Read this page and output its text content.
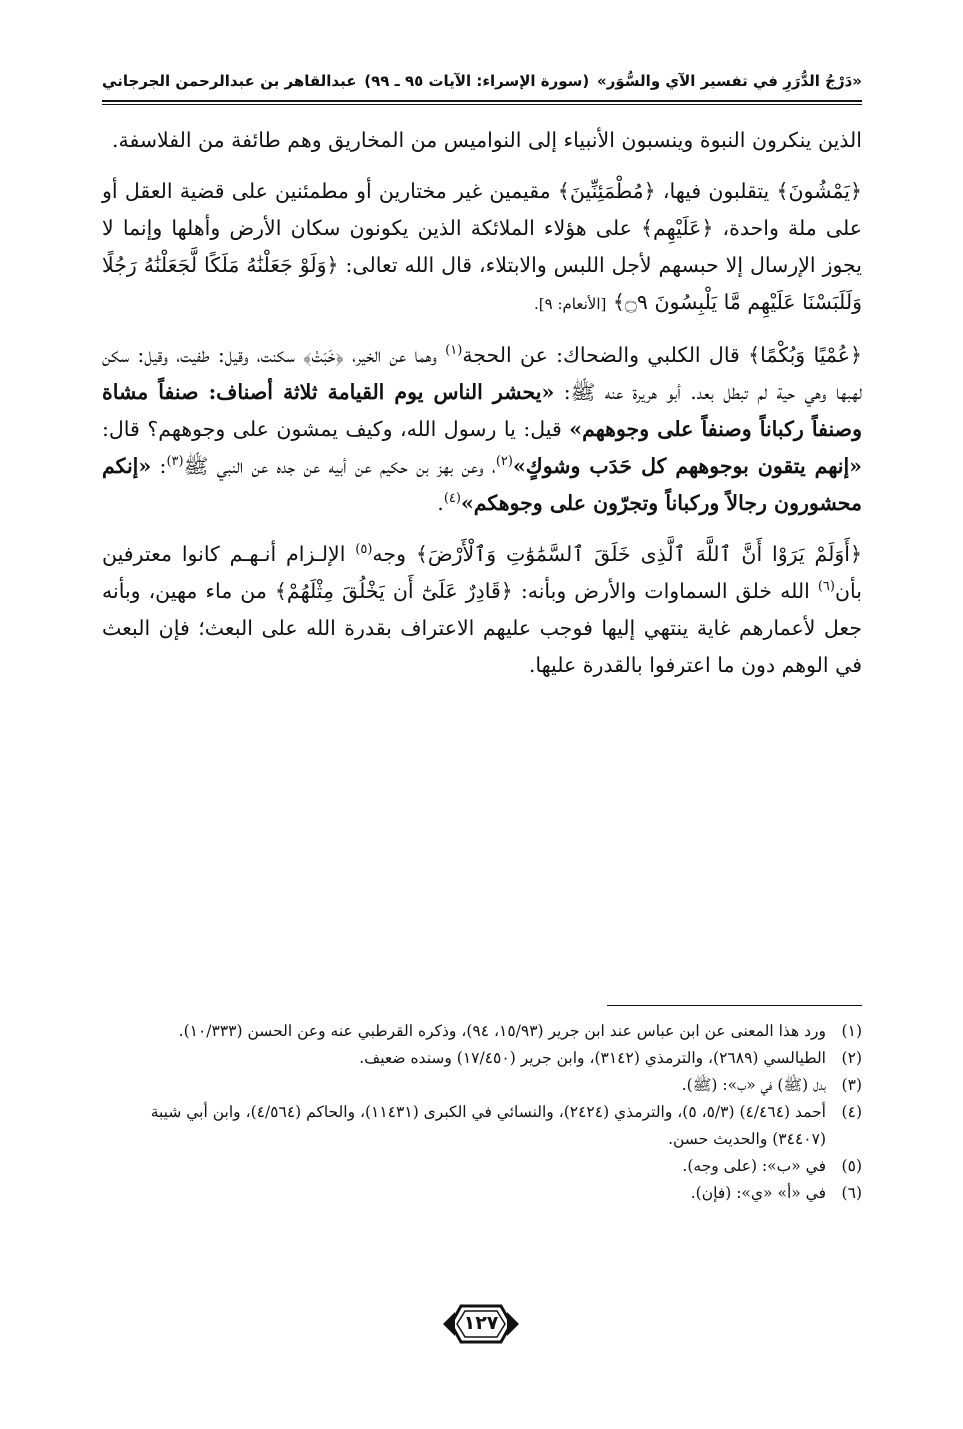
«دَرْجُ الدُّرَرِ في تفسير الآي والسُّوَر»
(سورة الإسراء: الآيات ٩٥ ـ ٩٩)
عبدالقاهر بن عبدالرحمن الجرجاني

الذين ينكرون النبوة وينسبون الأنبياء إلى النواميس من المخاريق وهم طائفة من الفلاسفة.

﴿يَمْشُونَ﴾ يتقلبون فيها، ﴿مُطْمَئِنِّينَ﴾ مقيمين غير مختارين أو مطمئنين على قضية العقل أو على ملة واحدة، ﴿عَلَيْهِم﴾ على هؤلاء الملائكة الذين يكونون سكان الأرض وأهلها وإنما لا يجوز الإرسال إلا حبسهم لأجل اللبس والابتلاء، قال الله تعالى: ﴿وَلَوْ جَعَلْنَٰهُ مَلَكًا لَّجَعَلْنَٰهُ رَجُلًا وَلَلَبَسْنَا عَلَيْهِم مَّا يَلْبِسُونَ ۝٩﴾ [الأنعام: ٩].

﴿عُمْيًا وَبُكْمًا﴾ قال الكلبي والضحاك: عن الحجة$^{(١)}$ وهما عن الخير، ﴿خَبَتْ﴾ سكنت، وقيل: طفيت، وقيل: سكن لهبها وهي حية لم تبطل بعد. أبو هريرة عنه ﷺ: «يحشر الناس يوم القيامة ثلاثة أصناف: صنفاً مشاة وصنفاً ركباناً وصنفاً على وجوههم» قيل: يا رسول الله، وكيف يمشون على وجوههم؟ قال: «إنهم يتقون بوجوههم كل حَدَب وشوكٍ»$^{(٢)}$، وعن بهز بن حكيم عن أبيه عن جده عن النبي ﷺ$^{(٣)}$: «إنكم محشورون رجالاً وركباناً وتجرّون على وجوهكم»$^{(٤)}$.

﴿أَوَلَمْ يَرَوْا أَنَّ ٱللَّهَ ٱلَّذِى خَلَقَ ٱلسَّمَٰوَٰتِ وَٱلْأَرْضَ﴾ وجه$^{(٥)}$ الإلـزام أنـهـم كانوا معترفين بأن$^{(٦)}$ الله خلق السماوات والأرض وبأنه: ﴿قَادِرٌ عَلَىٰٓ أَن يَخْلُقَ مِثْلَهُمْ﴾ من ماء مهين، وبأنه جعل لأعمارهم غاية ينتهي إليها فوجب عليهم الاعتراف بقدرة الله على البعث؛ فإن البعث في الوهم دون ما اعترفوا بالقدرة عليها.

(١)
ورد هذا المعنى عن ابن عباس عند ابن جرير (١٥/٩٣، ٩٤)، وذكره القرطبي عنه وعن الحسن (١٠/٣٣٣).
(٢)
الطيالسي (٢٦٨٩)، والترمذي (٣١٤٢)، وابن جرير (١٧/٤٥٠) وسنده ضعيف.
(٣)
بدل (ﷺ) في «ب»: (ﷺ).
(٤)
أحمد (٤/٤٦٤) (٥/٣، ٥)، والترمذي (٢٤٢٤)، والنسائي في الكبرى (١١٤٣١)، والحاكم (٤/٥٦٤)، وابن أبي شيبة (٣٤٤٠٧) والحديث حسن.
(٥)
في «ب»: (على وجه).
(٦)
في «أ» «ي»: (فإن).
١٢٧
